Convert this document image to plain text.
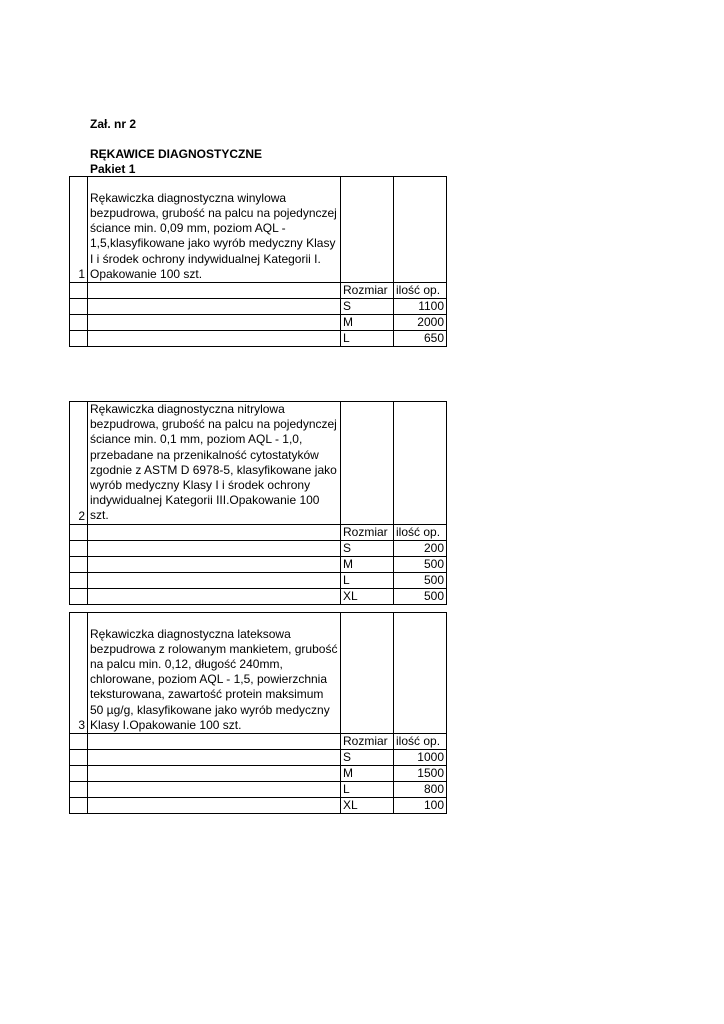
Zał. nr 2
RĘKAWICE DIAGNOSTYCZNE
Pakiet 1
1	Rękawiczka diagnostyczna winylowa bezpudrowa, grubość na palcu na pojedynczej ściance min. 0,09 mm, poziom AQL - 1,5,klasyfikowane jako wyrób medyczny Klasy I i środek ochrony indywidualnej Kategorii I. Opakowanie 100 szt.		
		Rozmiar	ilość op.
		S	1100
		M	2000
		L	650
2	Rękawiczka diagnostyczna nitrylowa bezpudrowa, grubość na palcu na pojedynczej ściance min. 0,1 mm, poziom AQL - 1,0, przebadane na przenikalność cytostatyków zgodnie z ASTM D 6978-5, klasyfikowane jako wyrób medyczny Klasy I i środek ochrony indywidualnej Kategorii III.Opakowanie 100 szt.		
		Rozmiar	ilość op.
		S	200
		M	500
		L	500
		XL	500
3	Rękawiczka diagnostyczna lateksowa bezpudrowa z rolowanym mankietem, grubość na palcu min. 0,12, długość 240mm, chlorowane, poziom AQL - 1,5, powierzchnia teksturowana, zawartość protein maksimum 50 µg/g, klasyfikowane jako wyrób medyczny Klasy I.Opakowanie 100 szt.		
		Rozmiar	ilość op.
		S	1000
		M	1500
		L	800
		XL	100
